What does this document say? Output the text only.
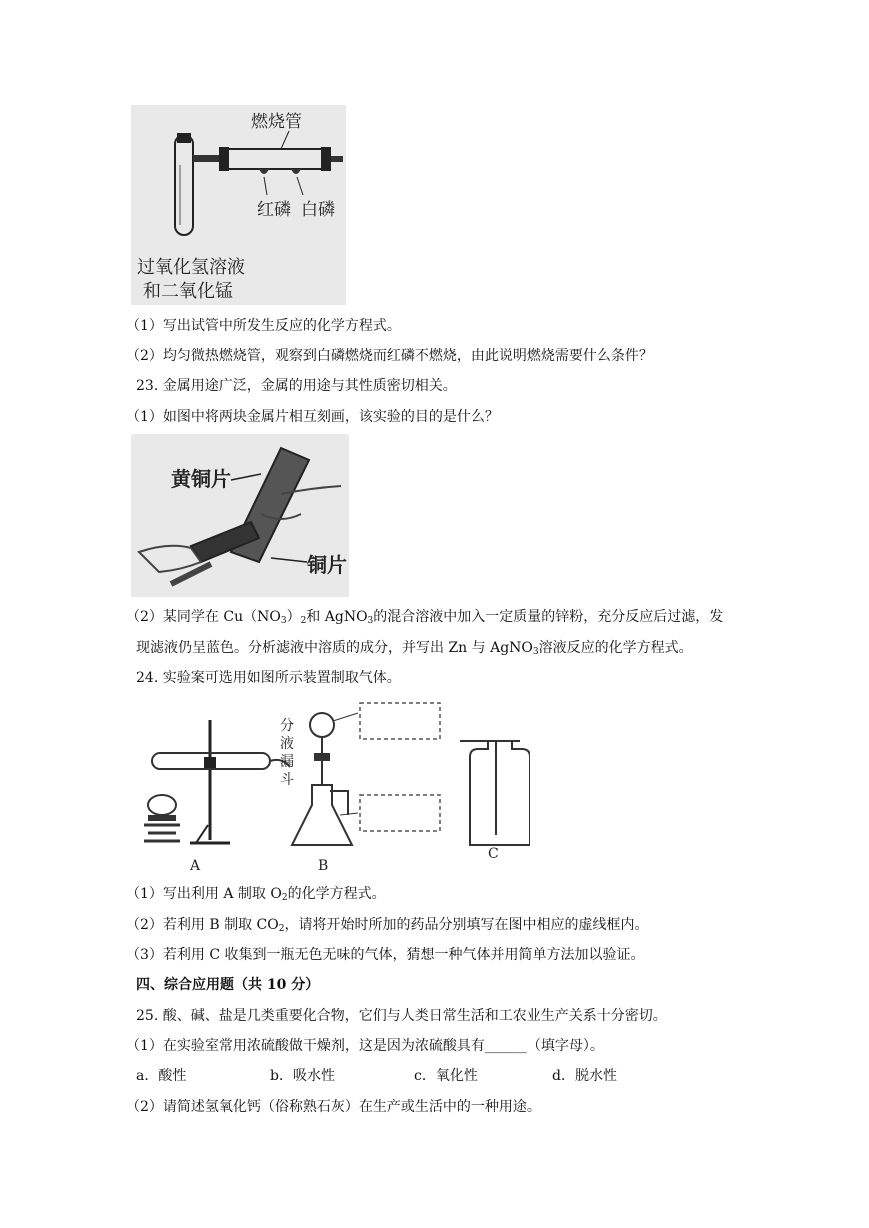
燃烧管
红磷 白磷
过氧化氢溶液
和二氧化锰
（1）写出试管中所发生反应的化学方程式。
（2）均匀微热燃烧管，观察到白磷燃烧而红磷不燃烧，由此说明燃烧需要什么条件？
23. 金属用途广泛，金属的用途与其性质密切相关。
（1）如图中将两块金属片相互刻画，该实验的目的是什么？
黄铜片
铜片
（2）某同学在 $Cu(NO_3)_2$和 AgNO$_3$的混合溶液中加入一定质量的锌粉，充分反应后过滤，发
现滤液仍呈蓝色。分析滤液中溶质的成分，并写出 Zn 与 AgNO$_3$溶液反应的化学方程式。
24. 实验案可选用如图所示装置制取气体。
A
分
液
漏
斗
B
C
（1）写出利用 A 制取 $O_2$的化学方程式。
（2）若利用 B 制取 $CO_2$，请将开始时所加的药品分别填写在图中相应的虚线框内。
（3）若利用 C 收集到一瓶无色无味的气体，猜想一种气体并用简单方法加以验证。
四、综合应用题（共 10 分）
25. 酸、碱、盐是几类重要化合物，它们与人类日常生活和工农业生产关系十分密切。
（1）在实验室常用浓硫酸做干燥剂，这是因为浓硫酸具有______（填字母）。
a．酸性	b．吸水性	c．氧化性	d．脱水性
（2）请简述氢氧化钙（俗称熟石灰）在生产或生活中的一种用途。
